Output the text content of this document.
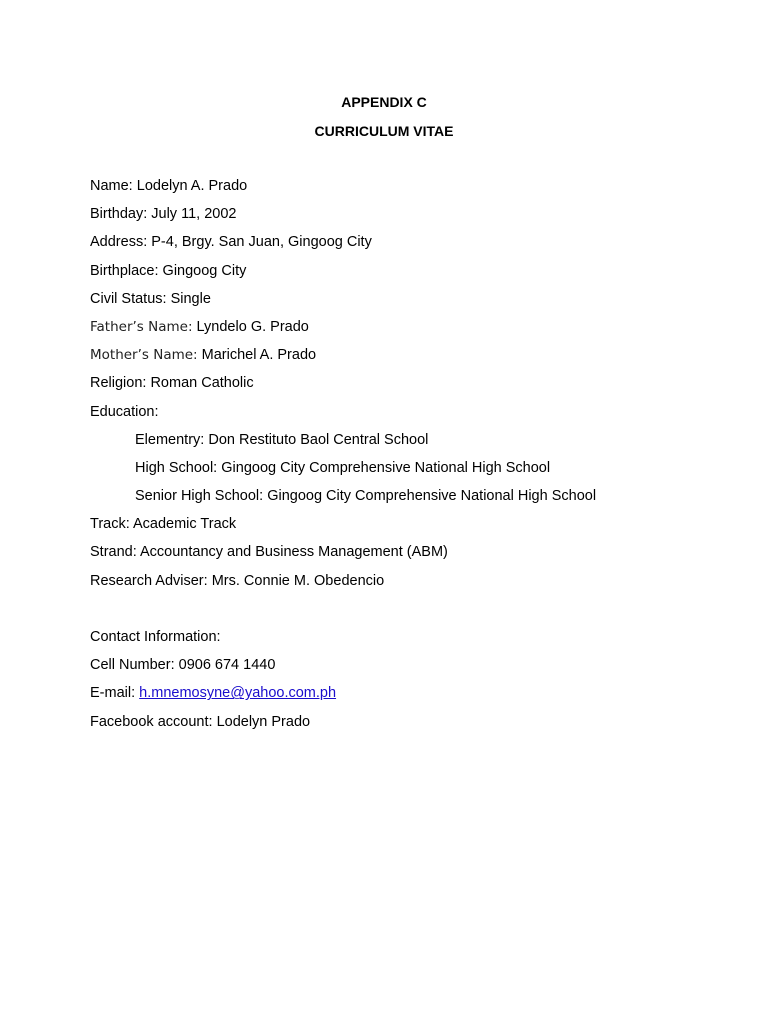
APPENDIX C
CURRICULUM VITAE
Name: Lodelyn A. Prado
Birthday: July 11, 2002
Address: P-4, Brgy. San Juan, Gingoog City
Birthplace: Gingoog City
Civil Status: Single
Father’s Name: Lyndelo G. Prado
Mother’s Name: Marichel A. Prado
Religion: Roman Catholic
Education:
Elementry: Don Restituto Baol Central School
High School: Gingoog City Comprehensive National High School
Senior High School: Gingoog City Comprehensive National High School
Track: Academic Track
Strand: Accountancy and Business Management (ABM)
Research Adviser: Mrs. Connie M. Obedencio
Contact Information:
Cell Number: 0906 674 1440
E-mail: h.mnemosyne@yahoo.com.ph
Facebook account: Lodelyn Prado
